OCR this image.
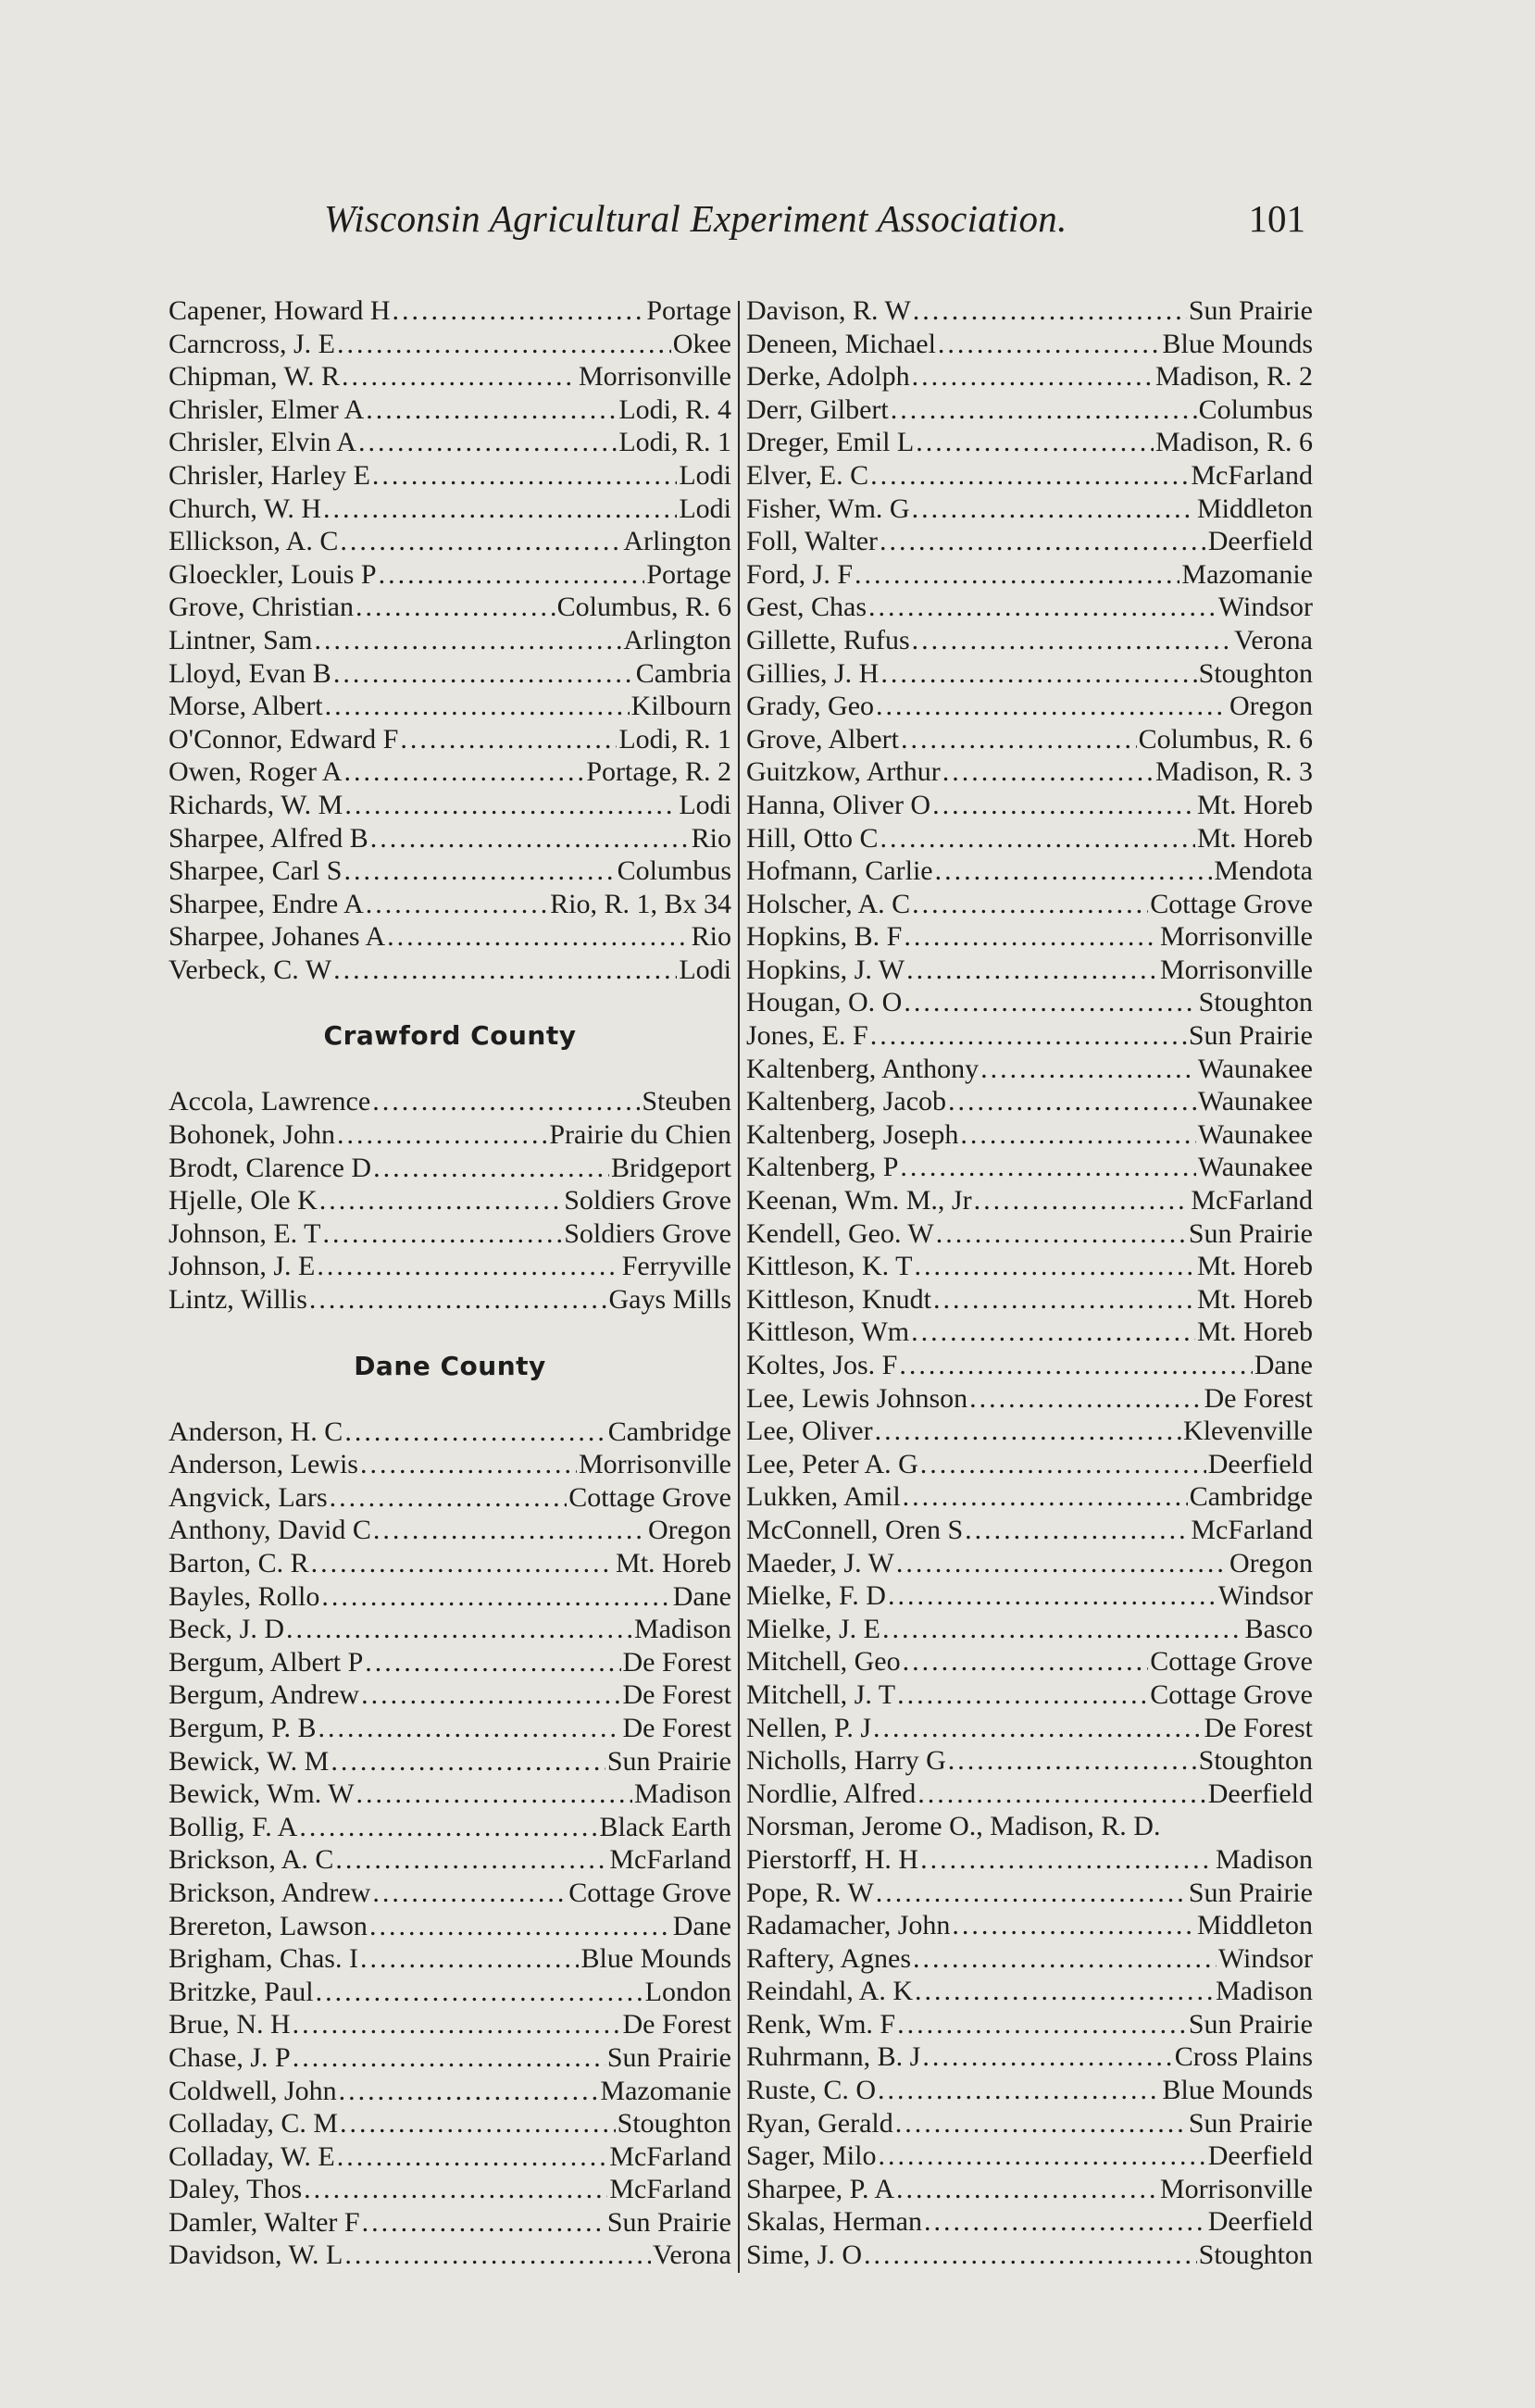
Wisconsin Agricultural Experiment Association.	101
Capener, Howard H .....	Portage
Carncross, J. E .....	Okee
Chipman, W. R .....	Morrisonville
Chrisler, Elmer A .....	Lodi, R. 4
Chrisler, Elvin A .....	Lodi, R. 1
Chrisler, Harley E .....	Lodi
Church, W. H .....	Lodi
Ellickson, A. C .....	Arlington
Gloeckler, Louis P .....	Portage
Grove, Christian .....	Columbus, R. 6
Lintner, Sam .....	Arlington
Lloyd, Evan B .....	Cambria
Morse, Albert .....	Kilbourn
O'Connor, Edward F .....	Lodi, R. 1
Owen, Roger A .....	Portage, R. 2
Richards, W. M .....	Lodi
Sharpee, Alfred B .....	Rio
Sharpee, Carl S .....	Columbus
Sharpee, Endre A .....	Rio, R. 1, Bx 34
Sharpee, Johanes A .....	Rio
Verbeck, C. W .....	Lodi
Crawford County
Accola, Lawrence .....	Steuben
Bohonek, John .....	Prairie du Chien
Brodt, Clarence D .....	Bridgeport
Hjelle, Ole K .....	Soldiers Grove
Johnson, E. T .....	Soldiers Grove
Johnson, J. E .....	Ferryville
Lintz, Willis .....	Gays Mills
Dane County
Anderson, H. C .....	Cambridge
Anderson, Lewis .....	Morrisonville
Angvick, Lars .....	Cottage Grove
Anthony, David C .....	Oregon
Barton, C. R .....	Mt. Horeb
Bayles, Rollo .....	Dane
Beck, J. D .....	Madison
Bergum, Albert P .....	De Forest
Bergum, Andrew .....	De Forest
Bergum, P. B .....	De Forest
Bewick, W. M .....	Sun Prairie
Bewick, Wm. W .....	Madison
Bollig, F. A .....	Black Earth
Brickson, A. C .....	McFarland
Brickson, Andrew .....	Cottage Grove
Brereton, Lawson .....	Dane
Brigham, Chas. I .....	Blue Mounds
Britzke, Paul .....	London
Brue, N. H .....	De Forest
Chase, J. P .....	Sun Prairie
Coldwell, John .....	Mazomanie
Colladay, C. M .....	Stoughton
Colladay, W. E .....	McFarland
Daley, Thos .....	McFarland
Damler, Walter F .....	Sun Prairie
Davidson, W. L .....	Verona
Davison, R. W .....	Sun Prairie
Deneen, Michael .....	Blue Mounds
Derke, Adolph .....	Madison, R. 2
Derr, Gilbert .....	Columbus
Dreger, Emil L .....	Madison, R. 6
Elver, E. C .....	McFarland
Fisher, Wm. G .....	Middleton
Foll, Walter .....	Deerfield
Ford, J. F .....	Mazomanie
Gest, Chas .....	Windsor
Gillette, Rufus .....	Verona
Gillies, J. H .....	Stoughton
Grady, Geo .....	Oregon
Grove, Albert .....	Columbus, R. 6
Guitzkow, Arthur .....	Madison, R. 3
Hanna, Oliver O .....	Mt. Horeb
Hill, Otto C .....	Mt. Horeb
Hofmann, Carlie .....	Mendota
Holscher, A. C .....	Cottage Grove
Hopkins, B. F .....	Morrisonville
Hopkins, J. W .....	Morrisonville
Hougan, O. O .....	Stoughton
Jones, E. F .....	Sun Prairie
Kaltenberg, Anthony .....	Waunakee
Kaltenberg, Jacob .....	Waunakee
Kaltenberg, Joseph .....	Waunakee
Kaltenberg, P .....	Waunakee
Keenan, Wm. M., Jr .....	McFarland
Kendell, Geo. W .....	Sun Prairie
Kittleson, K. T .....	Mt. Horeb
Kittleson, Knudt .....	Mt. Horeb
Kittleson, Wm .....	Mt. Horeb
Koltes, Jos. F .....	Dane
Lee, Lewis Johnson .....	De Forest
Lee, Oliver .....	Klevenville
Lee, Peter A. G .....	Deerfield
Lukken, Amil .....	Cambridge
McConnell, Oren S .....	McFarland
Maeder, J. W .....	Oregon
Mielke, F. D .....	Windsor
Mielke, J. E .....	Basco
Mitchell, Geo .....	Cottage Grove
Mitchell, J. T .....	Cottage Grove
Nellen, P. J .....	De Forest
Nicholls, Harry G .....	Stoughton
Nordlie, Alfred .....	Deerfield
Norsman, Jerome O., Madison, R. D.
Pierstorff, H. H .....	Madison
Pope, R. W .....	Sun Prairie
Radamacher, John .....	Middleton
Raftery, Agnes .....	Windsor
Reindahl, A. K .....	Madison
Renk, Wm. F .....	Sun Prairie
Ruhrmann, B. J .....	Cross Plains
Ruste, C. O .....	Blue Mounds
Ryan, Gerald .....	Sun Prairie
Sager, Milo .....	Deerfield
Sharpee, P. A .....	Morrisonville
Skalas, Herman .....	Deerfield
Sime, J. O .....	Stoughton
